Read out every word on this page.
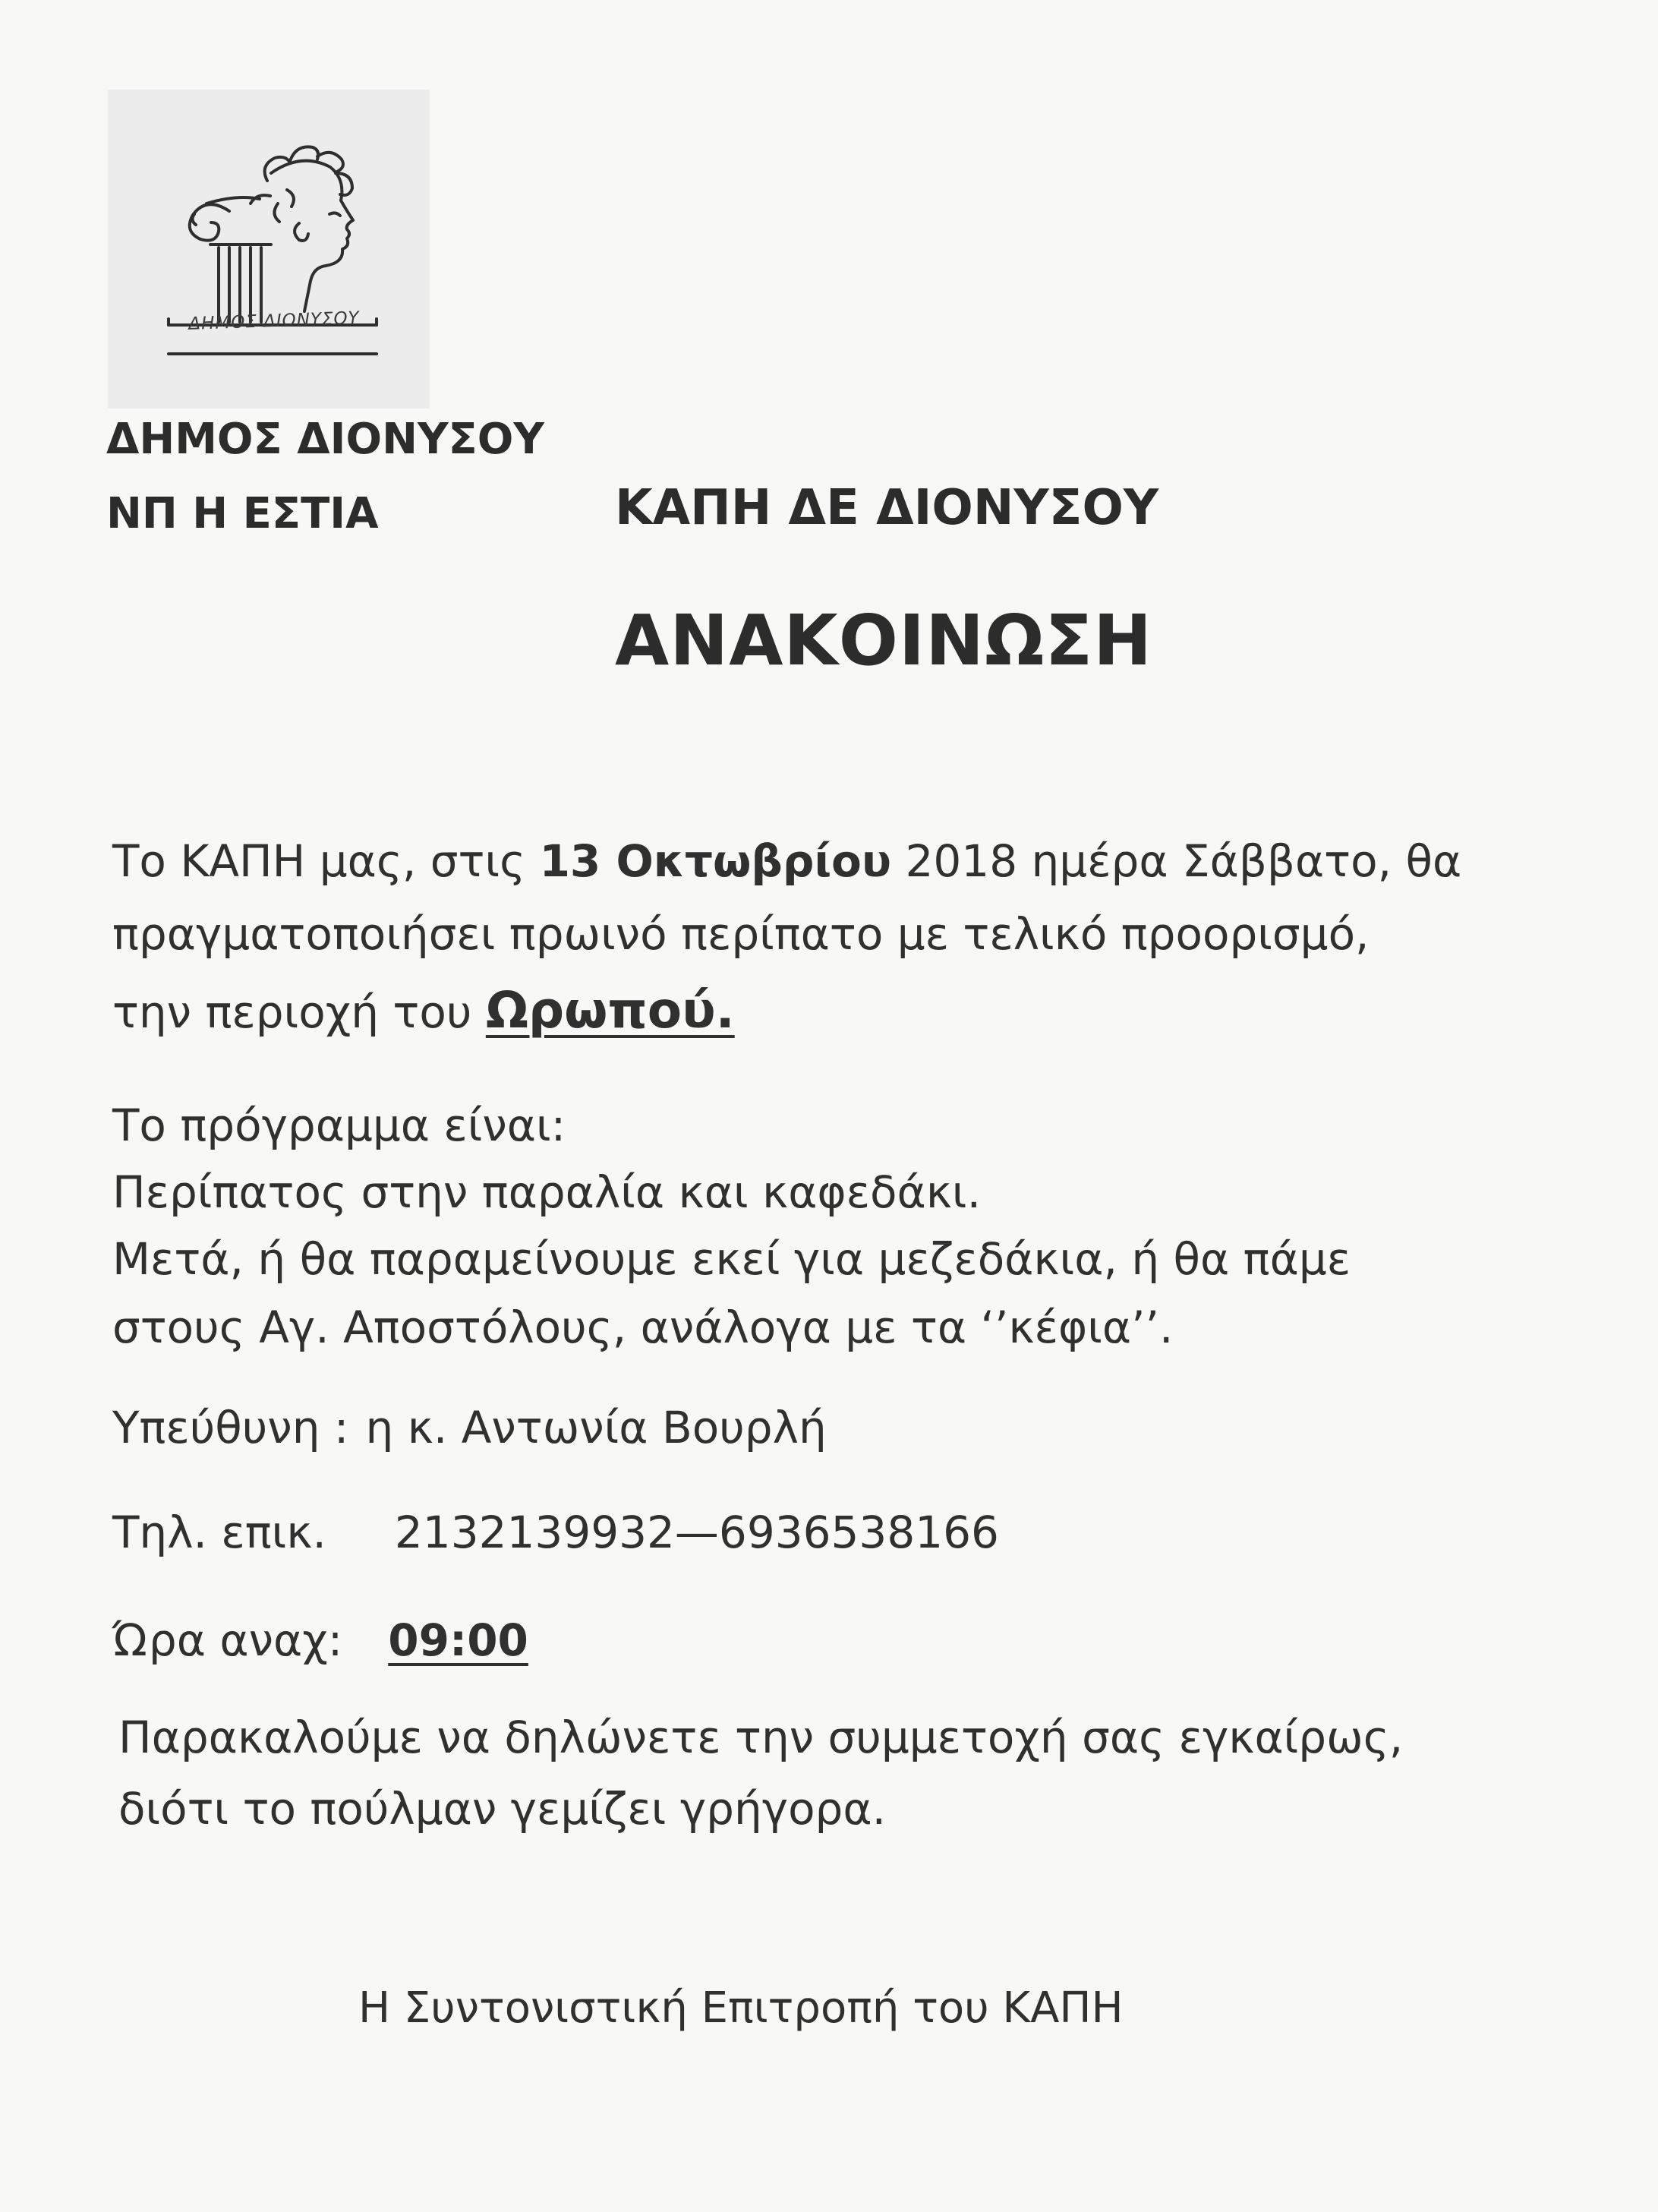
ΔΗΜΟΣ ΔΙΟΝΥΣΟΥ
ΔΗΜΟΣ ΔΙΟΝΥΣΟΥ
ΝΠ Η ΕΣΤΙΑ	ΚΑΠΗ ΔΕ ΔΙΟΝΥΣΟΥ
ΑΝΑΚΟΙΝΩΣΗ
Το ΚΑΠΗ μας, στις 13 Οκτωβρίου 2018 ημέρα Σάββατο, θα
πραγματοποιήσει πρωινό περίπατο με τελικό προορισμό,
την περιοχή του Ωρωπού.
Το πρόγραμμα είναι:
Περίπατος στην παραλία και καφεδάκι.
Μετά, ή θα παραμείνουμε εκεί για μεζεδάκια, ή θα πάμε
στους Αγ. Αποστόλους, ανάλογα με τα ‘’κέφια’’.
Υπεύθυνη : η κ. Αντωνία Βουρλή
Τηλ. επικ. 2132139932—6936538166
Ώρα αναχ: 09:00
Παρακαλούμε να δηλώνετε την συμμετοχή σας εγκαίρως,
διότι το πούλμαν γεμίζει γρήγορα.
Η Συντονιστική Επιτροπή του ΚΑΠΗ
